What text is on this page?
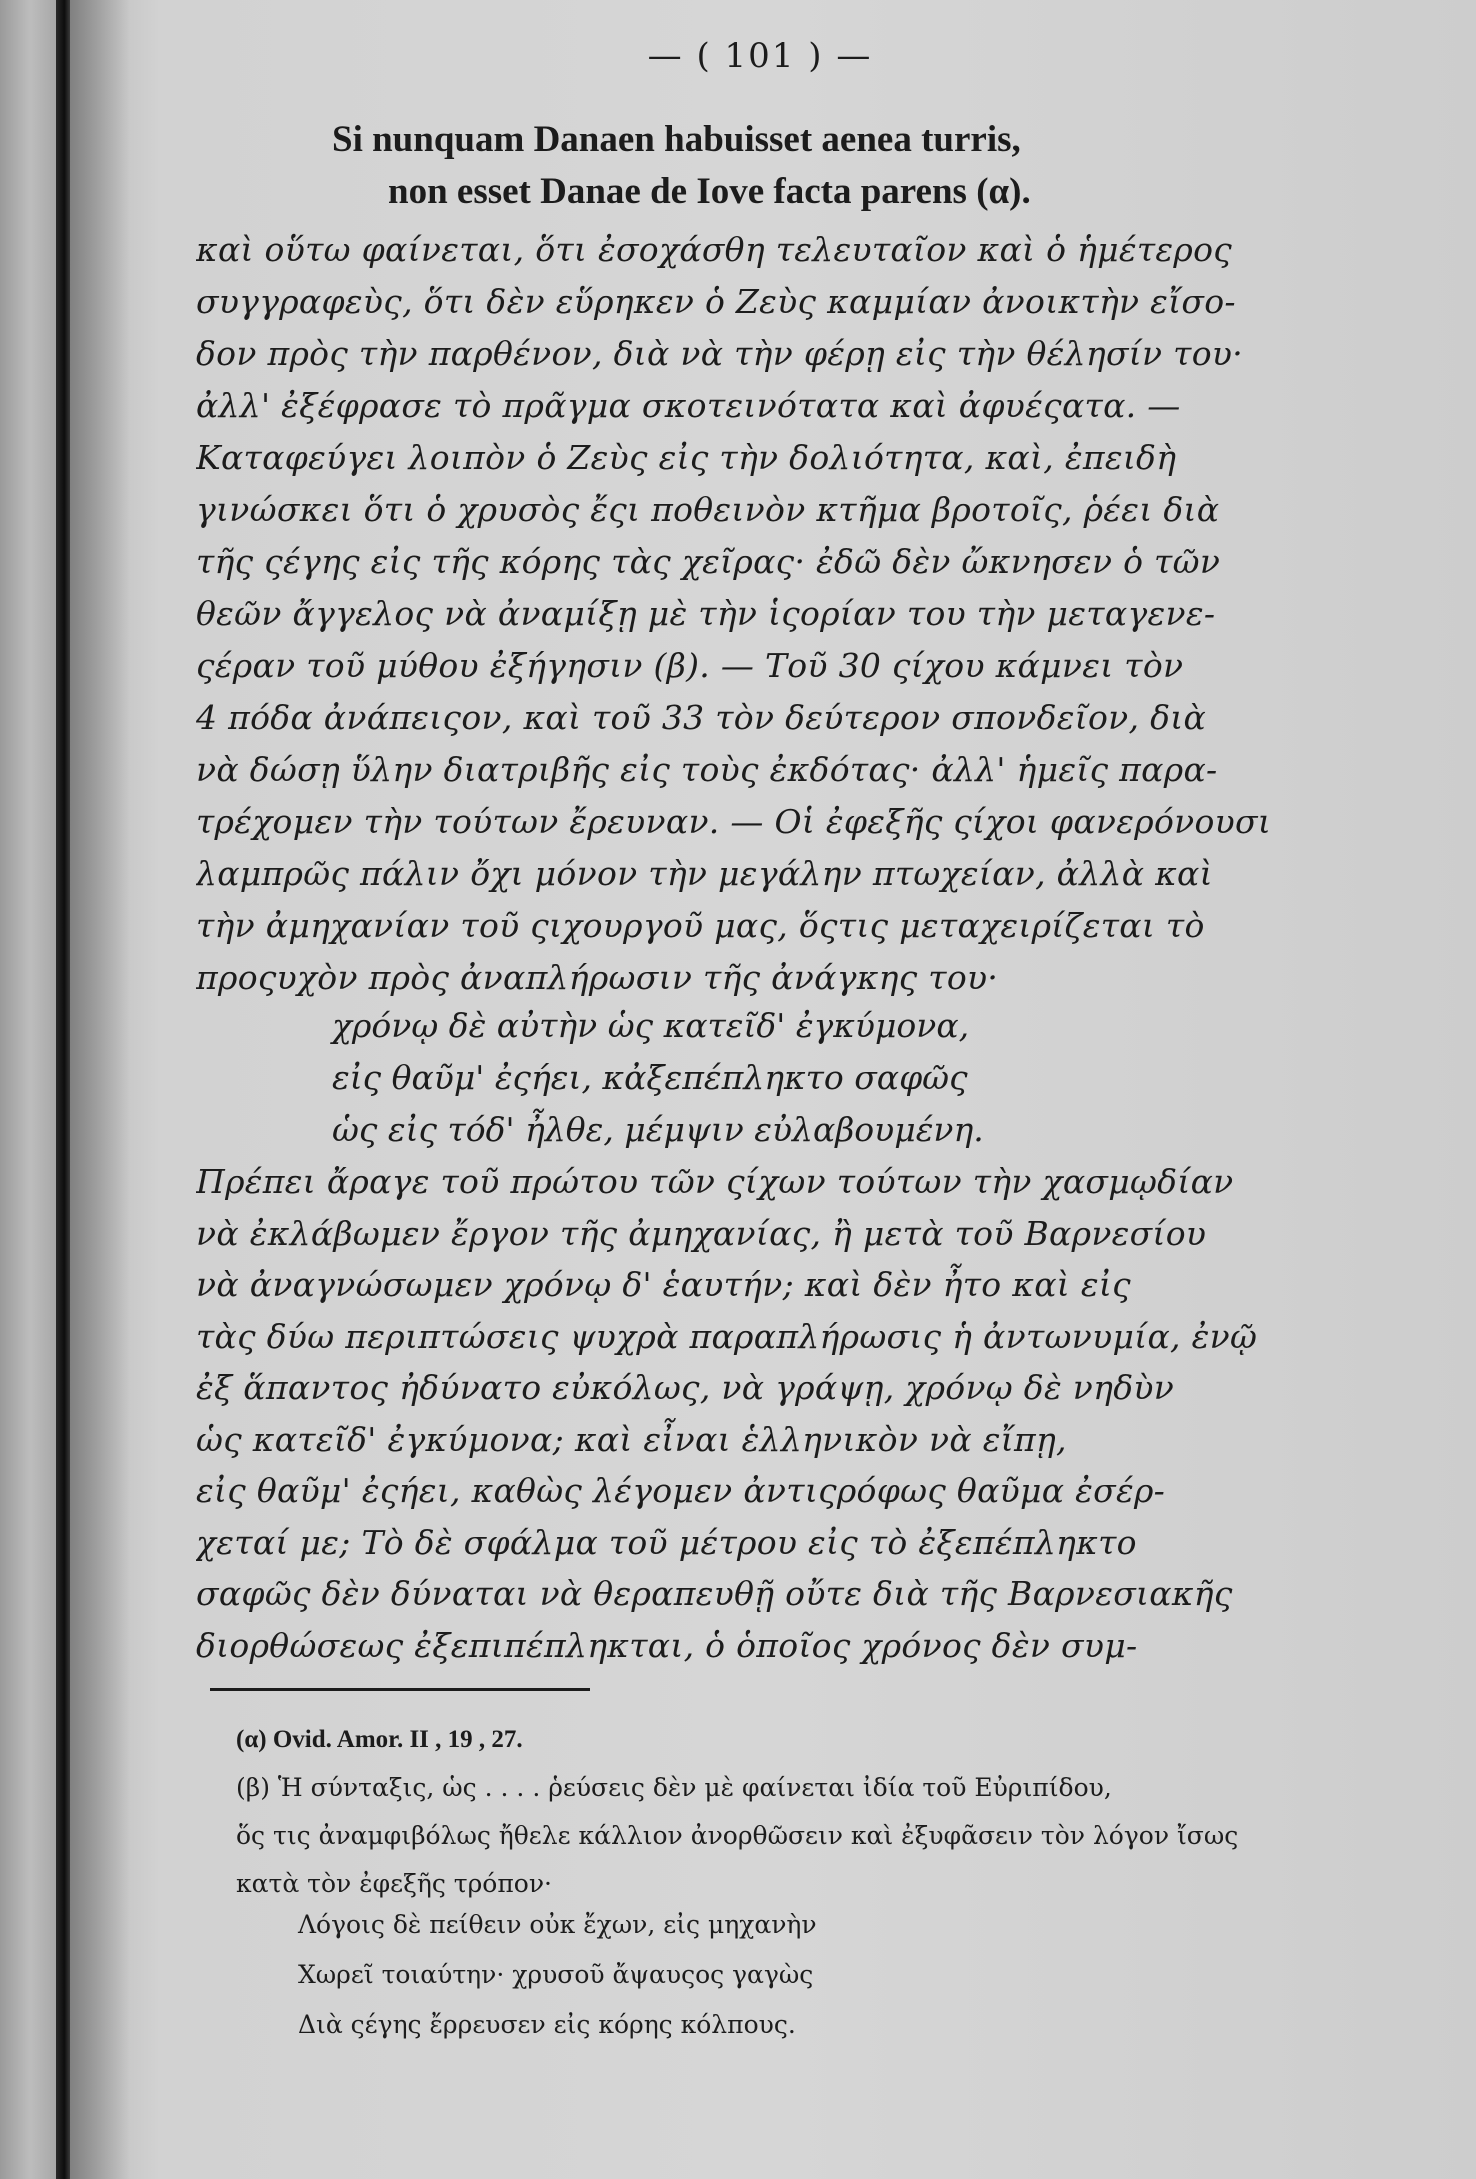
— ( 101 ) —
Si nunquam Danaen habuisset aenea turris,
non esset Danae de Iove facta parens (α).
καὶ οὕτω φαίνεται, ὅτι ἐσοχάσθη τελευταῖον καὶ ὁ ἡμέτερος
συγγραφεὺς, ὅτι δὲν εὕρηκεν ὁ Ζεὺς καμμίαν ἀνοικτὴν εἴσο-
δον πρὸς τὴν παρθένον, διὰ νὰ τὴν φέρῃ εἰς τὴν θέλησίν του·
ἀλλ' ἐξέφρασε τὸ πρᾶγμα σκοτεινότατα καὶ ἀφυέςατα. —
Καταφεύγει λοιπὸν ὁ Ζεὺς εἰς τὴν δολιότητα, καὶ, ἐπειδὴ
γινώσκει ὅτι ὁ χρυσὸς ἔςι ποθεινὸν κτῆμα βροτοῖς, ῥέει διὰ
τῆς ςέγης εἰς τῆς κόρης τὰς χεῖρας· ἐδῶ δὲν ὤκνησεν ὁ τῶν
θεῶν ἄγγελος νὰ ἀναμίξῃ μὲ τὴν ἱςορίαν του τὴν μεταγενε-
ςέραν τοῦ μύθου ἐξήγησιν (β). — Τοῦ 30 ςίχου κάμνει τὸν
4 πόδα ἀνάπειςον, καὶ τοῦ 33 τὸν δεύτερον σπονδεῖον, διὰ
νὰ δώσῃ ὕλην διατριβῆς εἰς τοὺς ἐκδότας· ἀλλ' ἡμεῖς παρα-
τρέχομεν τὴν τούτων ἔρευναν. — Οἱ ἐφεξῆς ςίχοι φανερόνουσι
λαμπρῶς πάλιν ὄχι μόνον τὴν μεγάλην πτωχείαν, ἀλλὰ καὶ
τὴν ἀμηχανίαν τοῦ ςιχουργοῦ μας, ὅςτις μεταχειρίζεται τὸ
προςυχὸν πρὸς ἀναπλήρωσιν τῆς ἀνάγκης του·
χρόνῳ δὲ αὐτὴν ὡς κατεῖδ' ἐγκύμονα,
εἰς θαῦμ' ἐςήει, κἀξεπέπληκτο σαφῶς
ὡς εἰς τόδ' ἦλθε, μέμψιν εὐλαβουμένη.
Πρέπει ἄραγε τοῦ πρώτου τῶν ςίχων τούτων τὴν χασμῳδίαν
νὰ ἐκλάβωμεν ἔργον τῆς ἀμηχανίας, ἢ μετὰ τοῦ Βαρνεσίου
νὰ ἀναγνώσωμεν χρόνῳ δ' ἑαυτήν; καὶ δὲν ἦτο καὶ εἰς
τὰς δύω περιπτώσεις ψυχρὰ παραπλήρωσις ἡ ἀντωνυμία, ἐνῷ
ἐξ ἅπαντος ἠδύνατο εὐκόλως, νὰ γράψῃ, χρόνῳ δὲ νηδὺν
ὡς κατεῖδ' ἐγκύμονα; καὶ εἶναι ἑλληνικὸν νὰ εἴπῃ,
εἰς θαῦμ' ἐςήει, καθὼς λέγομεν ἀντιςρόφως θαῦμα ἐσέρ-
χεταί με; Τὸ δὲ σφάλμα τοῦ μέτρου εἰς τὸ ἐξεπέπληκτο
σαφῶς δὲν δύναται νὰ θεραπευθῇ οὔτε διὰ τῆς Βαρνεσιακῆς
διορθώσεως ἐξεπιπέπληκται, ὁ ὁποῖος χρόνος δὲν συμ-
(α) Ovid. Amor. II , 19 , 27.
(β) Ἡ σύνταξις, ὡς . . . . ῥεύσεις δὲν μὲ φαίνεται ἰδία τοῦ Εὐριπίδου,
ὅς τις ἀναμφιβόλως ἤθελε κάλλιον ἀνορθῶσειν καὶ ἐξυφᾶσειν τὸν λόγον ἴσως
κατὰ τὸν ἐφεξῆς τρόπον·
Λόγοις δὲ πείθειν οὐκ ἔχων, εἰς μηχανὴν
Χωρεῖ τοιαύτην· χρυσοῦ ἄψαυςος γαγὼς
Διὰ ςέγης ἔρρευσεν εἰς κόρης κόλπους.
